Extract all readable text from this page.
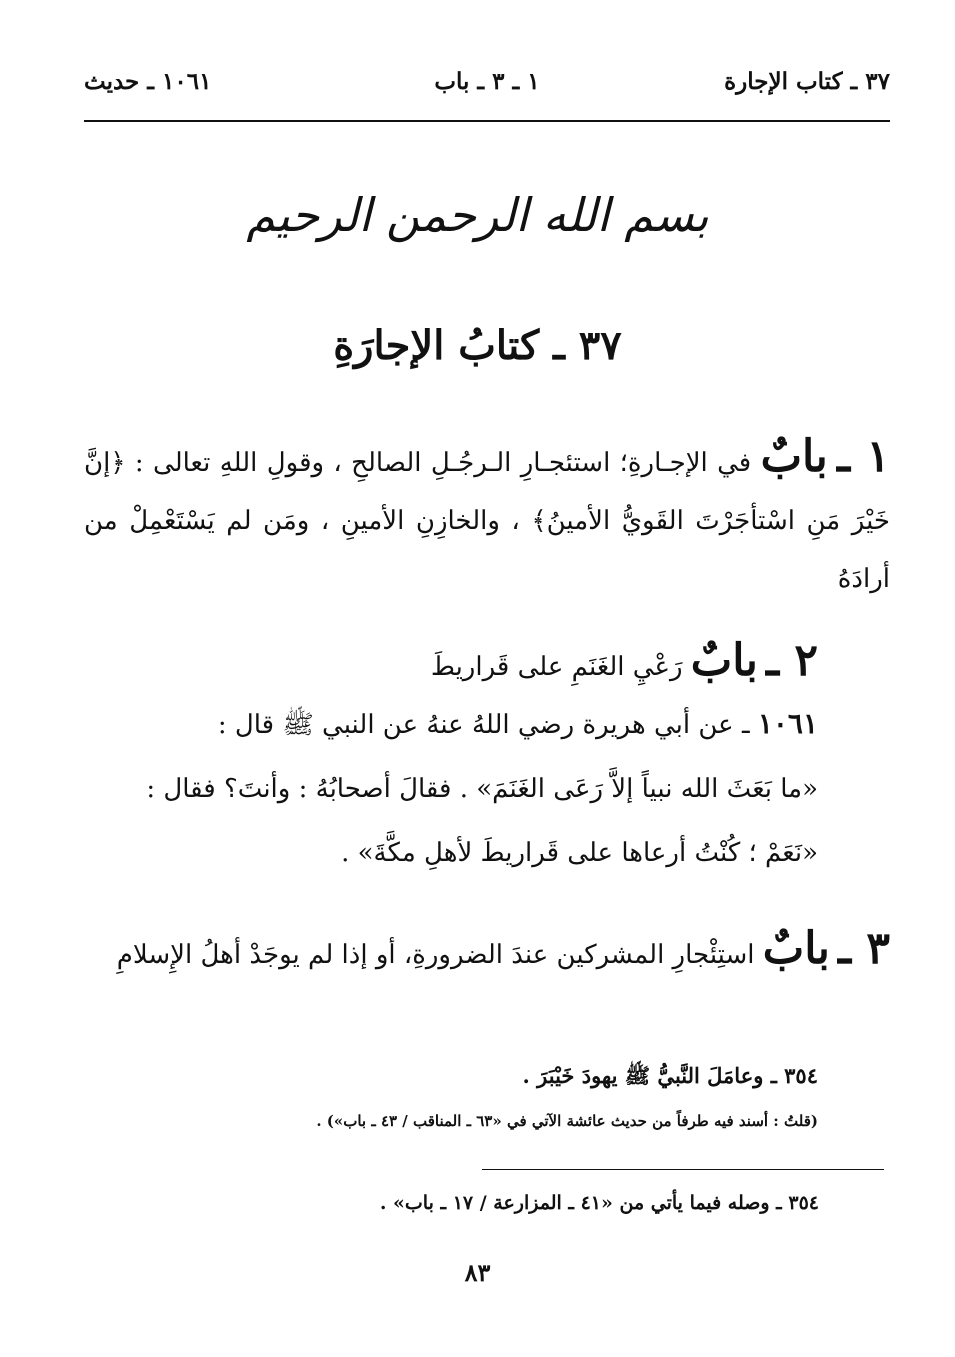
٣٧ ـ كتاب الإجارة
١ ـ ٣ ـ باب
١٠٦١ ـ حديث
بسم الله الرحمن الرحيم
٣٧ ـ كتابُ الإجارَةِ

١ ـ بابٌ في الإجـارةِ؛ استئجـارِ الـرجُـلِ الصالحِ ، وقولِ اللهِ تعالى : ﴿إنَّ خَيْرَ مَنِ اسْتأجَرْتَ القَويُّ الأمينُ﴾ ، والخازِنِ الأمينِ ، ومَن لم يَسْتَعْمِلْ من أرادَهُ

٢ ـ بابٌ رَعْيِ الغَنَمِ على قَراريطَ

١٠٦١ ـ عن أبي هريرة رضي اللهُ عنهُ عن النبي ﷺ قال :

«ما بَعَثَ الله نبياً إلاَّ رَعَى الغَنَمَ» . فقالَ أصحابُهُ : وأنتَ؟ فقال :

«نَعَمْ ؛ كُنْتُ أرعاها على قَراريطَ لأهلِ مكَّةَ» .

٣ ـ بابٌ استِئْجارِ المشركين عندَ الضرورةِ، أو إذا لم يوجَدْ أهلُ الإِسلامِ

٣٥٤ ـ وعامَلَ النَّبيُّ ﷺ يهودَ خَيْبَرَ .

(قلتُ : أسند فيه طرفاً من حديث عائشة الآتي في «٦٣ ـ المناقب / ٤٣ ـ باب») .

٣٥٤ ـ وصله فيما يأتي من «٤١ ـ المزارعة / ١٧ ـ باب» .
٨٣
